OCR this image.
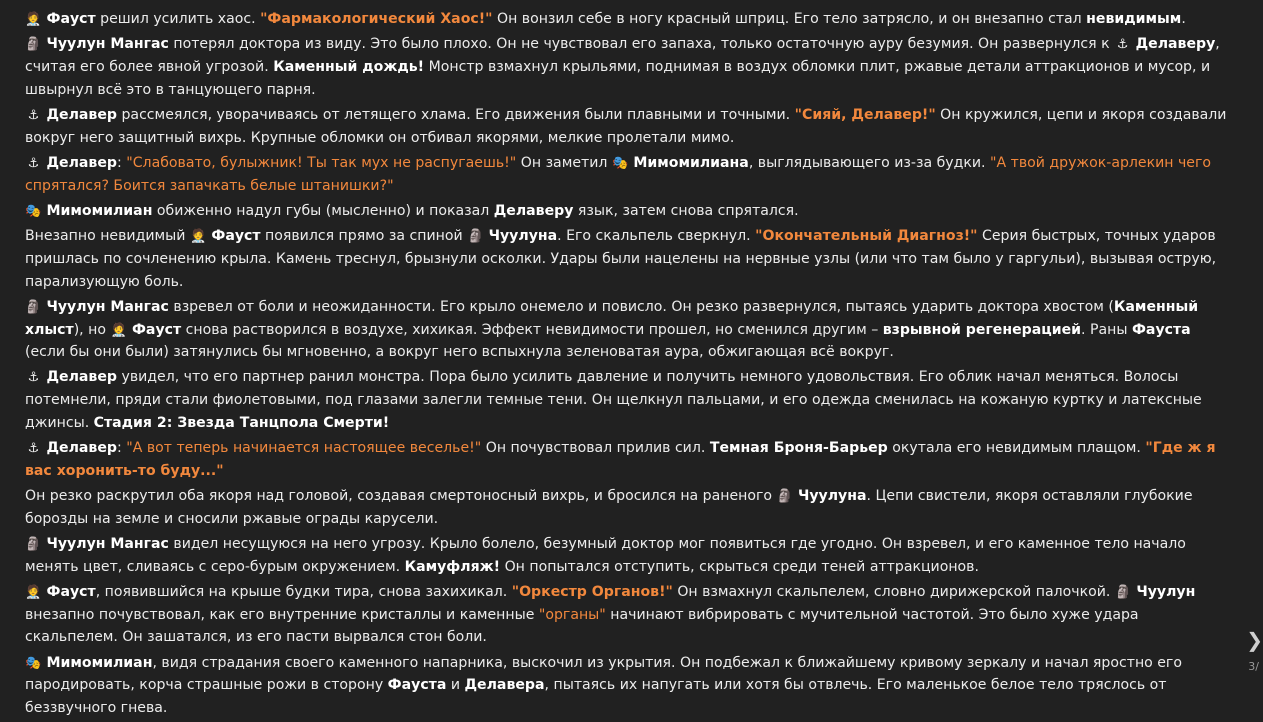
🧑‍⚕️ Фауст решил усилить хаос. "Фармакологический Хаос!" Он вонзил себе в ногу красный шприц. Его тело затрясло, и он внезапно стал невидимым.
🗿 Чуулун Мангас потерял доктора из виду. Это было плохо. Он не чувствовал его запаха, только остаточную ауру безумия. Он развернулся к ⚓ Делаверу, считая его более явной угрозой. Каменный дождь! Монстр взмахнул крыльями, поднимая в воздух обломки плит, ржавые детали аттракционов и мусор, и швырнул всё это в танцующего парня.
⚓ Делавер рассмеялся, уворачиваясь от летящего хлама. Его движения были плавными и точными. "Сияй, Делавер!" Он кружился, цепи и якоря создавали вокруг него защитный вихрь. Крупные обломки он отбивал якорями, мелкие пролетали мимо.
⚓ Делавер: "Слабовато, булыжник! Ты так мух не распугаешь!" Он заметил 🎭 Мимомилиана, выглядывающего из-за будки. "А твой дружок-арлекин чего спрятался? Боится запачкать белые штанишки?"
🎭 Мимомилиан обиженно надул губы (мысленно) и показал Делаверу язык, затем снова спрятался.
Внезапно невидимый 🧑‍⚕️ Фауст появился прямо за спиной 🗿 Чуулуна. Его скальпель сверкнул. "Окончательный Диагноз!" Серия быстрых, точных ударов пришлась по сочленению крыла. Камень треснул, брызнули осколки. Удары были нацелены на нервные узлы (или что там было у гаргульи), вызывая острую, парализующую боль.
🗿 Чуулун Мангас взревел от боли и неожиданности. Его крыло онемело и повисло. Он резко развернулся, пытаясь ударить доктора хвостом (Каменный хлыст), но 🧑‍⚕️ Фауст снова растворился в воздухе, хихикая. Эффект невидимости прошел, но сменился другим – взрывной регенерацией. Раны Фауста (если бы они были) затянулись бы мгновенно, а вокруг него вспыхнула зеленоватая аура, обжигающая всё вокруг.
⚓ Делавер увидел, что его партнер ранил монстра. Пора было усилить давление и получить немного удовольствия. Его облик начал меняться. Волосы потемнели, пряди стали фиолетовыми, под глазами залегли темные тени. Он щелкнул пальцами, и его одежда сменилась на кожаную куртку и латексные джинсы. Стадия 2: Звезда Танцпола Смерти!
⚓ Делавер: "А вот теперь начинается настоящее веселье!" Он почувствовал прилив сил. Темная Броня-Барьер окутала его невидимым плащом. "Где ж я вас хоронить-то буду..."
Он резко раскрутил оба якоря над головой, создавая смертоносный вихрь, и бросился на раненого 🗿 Чуулуна. Цепи свистели, якоря оставляли глубокие борозды на земле и сносили ржавые ограды карусели.
🗿 Чуулун Мангас видел несущуюся на него угрозу. Крыло болело, безумный доктор мог появиться где угодно. Он взревел, и его каменное тело начало менять цвет, сливаясь с серо-бурым окружением. Камуфляж! Он попытался отступить, скрыться среди теней аттракционов.
🧑‍⚕️ Фауст, появившийся на крыше будки тира, снова захихикал. "Оркестр Органов!" Он взмахнул скальпелем, словно дирижерской палочкой. 🗿 Чуулун внезапно почувствовал, как его внутренние кристаллы и каменные "органы" начинают вибрировать с мучительной частотой. Это было хуже удара скальпелем. Он зашатался, из его пасти вырвался стон боли.
🎭 Мимомилиан, видя страдания своего каменного напарника, выскочил из укрытия. Он подбежал к ближайшему кривому зеркалу и начал яростно его пародировать, корча страшные рожи в сторону Фауста и Делавера, пытаясь их напугать или хотя бы отвлечь. Его маленькое белое тело тряслось от беззвучного гнева.
❯
3/
